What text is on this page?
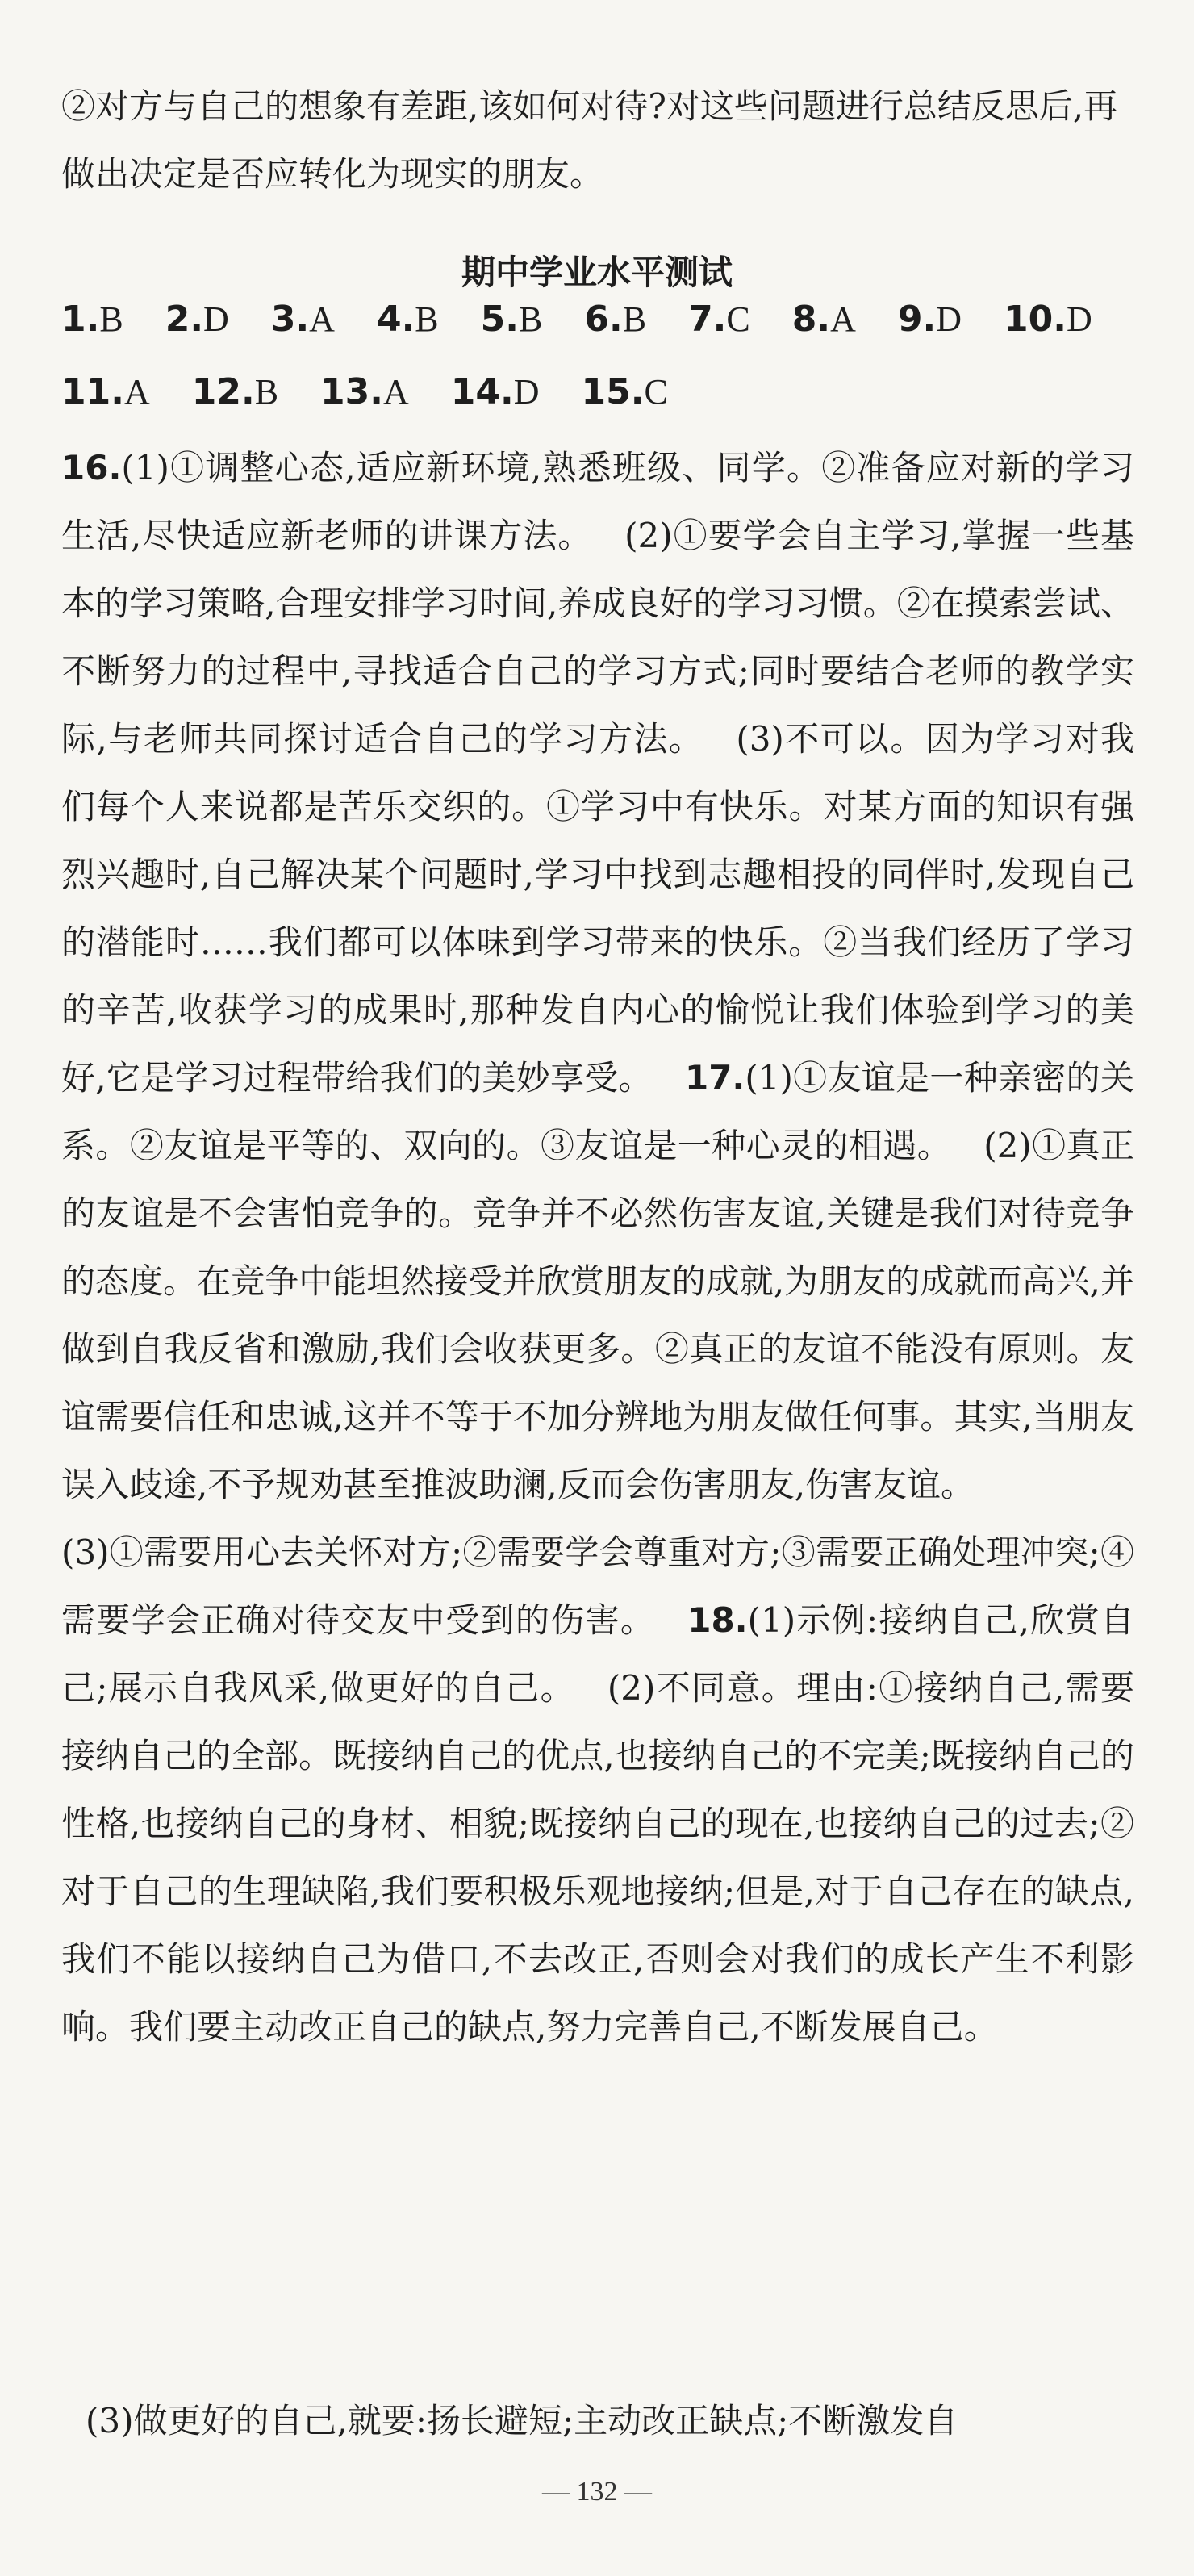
②对方与自己的想象有差距,该如何对待?对这些问题进行总结反思后,再做出决定是否应转化为现实的朋友。
期中学业水平测试
1.B 2.D 3.A 4.B 5.B 6.B 7.C 8.A 9.D 10.D
11.A 12.B 13.A 14.D 15.C
16.(1)①调整心态,适应新环境,熟悉班级、同学。②准备应对新的学习生活,尽快适应新老师的讲课方法。 (2)①要学会自主学习,掌握一些基本的学习策略,合理安排学习时间,养成良好的学习习惯。②在摸索尝试、不断努力的过程中,寻找适合自己的学习方式;同时要结合老师的教学实际,与老师共同探讨适合自己的学习方法。 (3)不可以。因为学习对我们每个人来说都是苦乐交织的。①学习中有快乐。对某方面的知识有强烈兴趣时,自己解决某个问题时,学习中找到志趣相投的同伴时,发现自己的潜能时……我们都可以体味到学习带来的快乐。②当我们经历了学习的辛苦,收获学习的成果时,那种发自内心的愉悦让我们体验到学习的美好,它是学习过程带给我们的美妙享受。 17.(1)①友谊是一种亲密的关系。②友谊是平等的、双向的。③友谊是一种心灵的相遇。 (2)①真正的友谊是不会害怕竞争的。竞争并不必然伤害友谊,关键是我们对待竞争的态度。在竞争中能坦然接受并欣赏朋友的成就,为朋友的成就而高兴,并做到自我反省和激励,我们会收获更多。②真正的友谊不能没有原则。友谊需要信任和忠诚,这并不等于不加分辨地为朋友做任何事。其实,当朋友误入歧途,不予规劝甚至推波助澜,反而会伤害朋友,伤害友谊。
(3)①需要用心去关怀对方;②需要学会尊重对方;③需要正确处理冲突;④需要学会正确对待交友中受到的伤害。 18.(1)示例:接纳自己,欣赏自己;展示自我风采,做更好的自己。 (2)不同意。理由:①接纳自己,需要接纳自己的全部。既接纳自己的优点,也接纳自己的不完美;既接纳自己的性格,也接纳自己的身材、相貌;既接纳自己的现在,也接纳自己的过去;②对于自己的生理缺陷,我们要积极乐观地接纳;但是,对于自己存在的缺点,我们不能以接纳自己为借口,不去改正,否则会对我们的成长产生不利影响。我们要主动改正自己的缺点,努力完善自己,不断发展自己。
(3)做更好的自己,就要:扬长避短;主动改正缺点;不断激发自
— 132 —
